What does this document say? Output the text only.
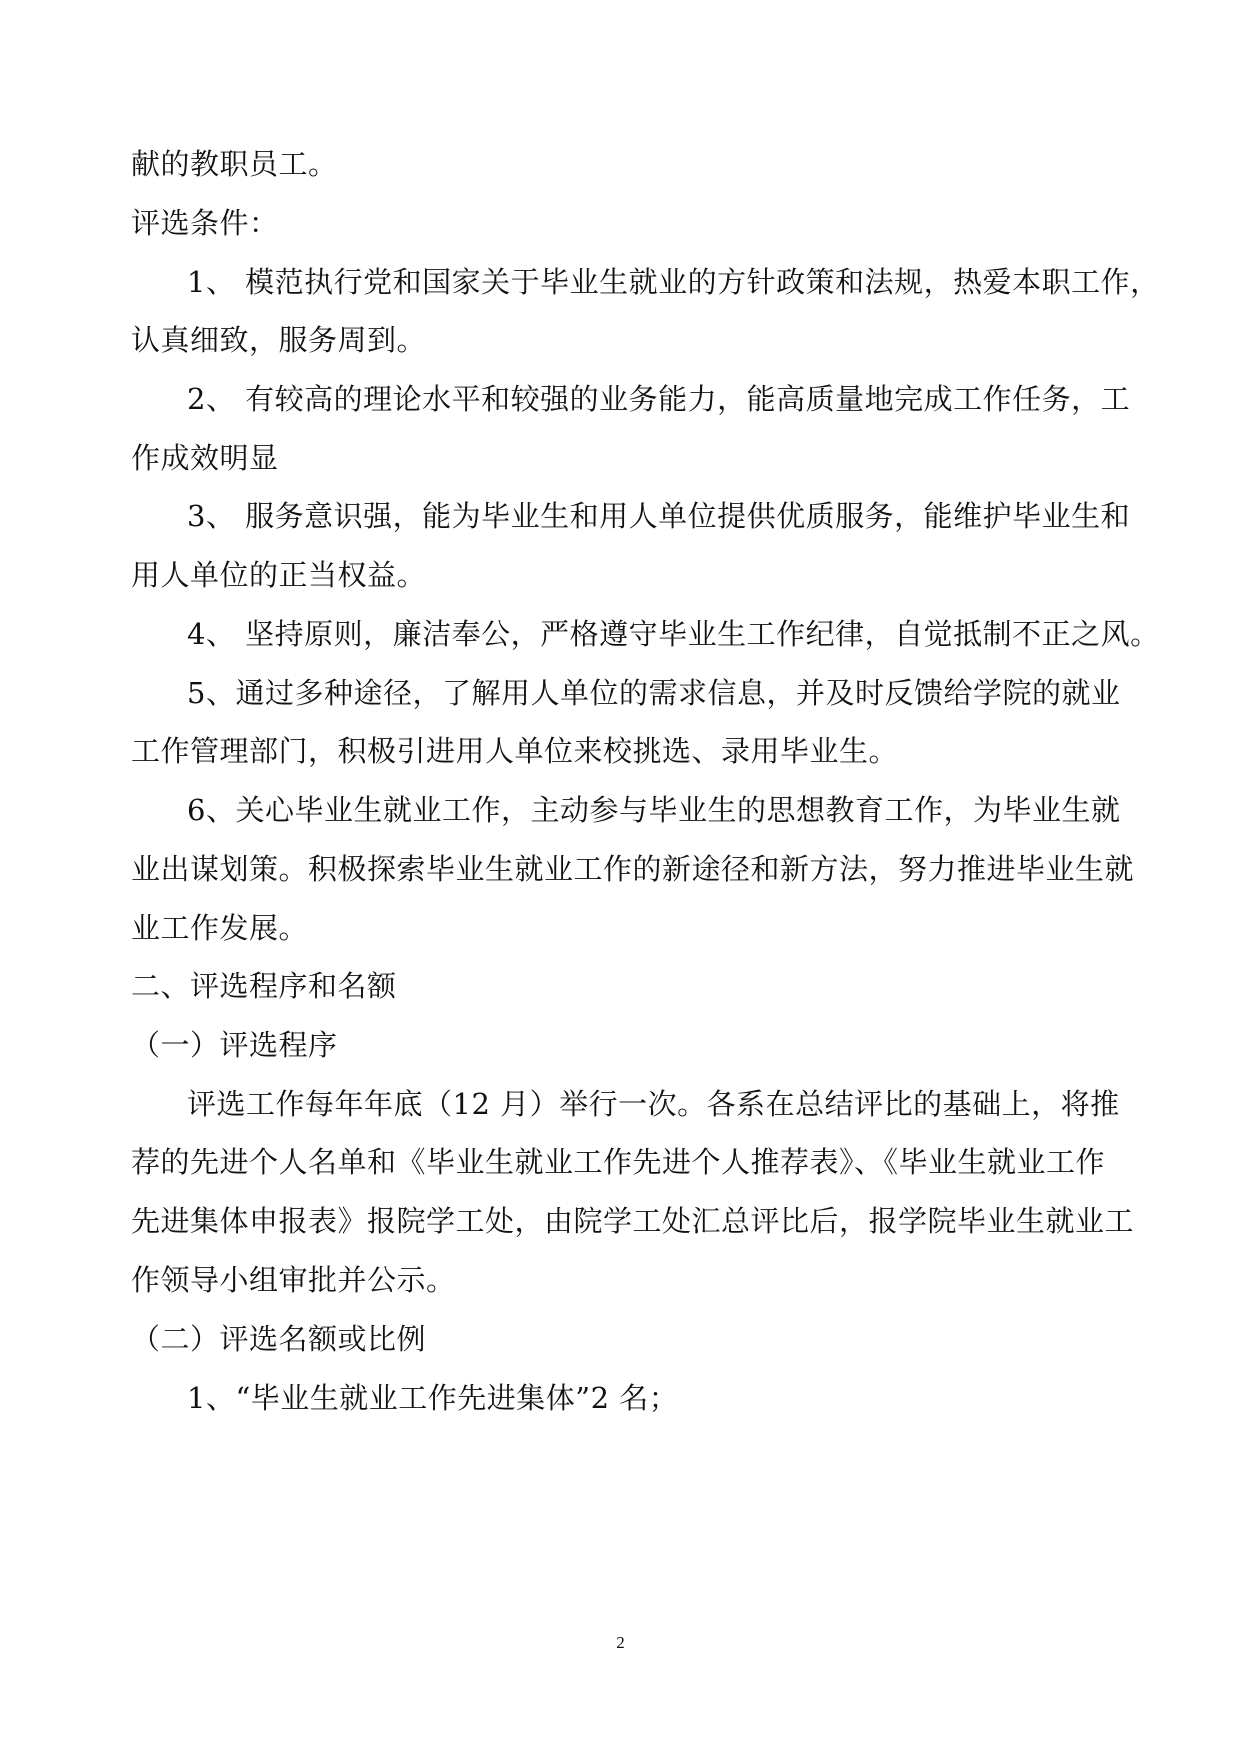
献的教职员工。
评选条件：
1、 模范执行党和国家关于毕业生就业的方针政策和法规，热爱本职工作，
认真细致，服务周到。
2、 有较高的理论水平和较强的业务能力，能高质量地完成工作任务，工
作成效明显
3、 服务意识强，能为毕业生和用人单位提供优质服务，能维护毕业生和
用人单位的正当权益。
4、 坚持原则，廉洁奉公，严格遵守毕业生工作纪律，自觉抵制不正之风。
5、通过多种途径，了解用人单位的需求信息，并及时反馈给学院的就业
工作管理部门，积极引进用人单位来校挑选、录用毕业生。
6、关心毕业生就业工作，主动参与毕业生的思想教育工作，为毕业生就
业出谋划策。积极探索毕业生就业工作的新途径和新方法，努力推进毕业生就
业工作发展。
二、评选程序和名额
（一）评选程序
评选工作每年年底（12 月）举行一次。各系在总结评比的基础上，将推
荐的先进个人名单和《毕业生就业工作先进个人推荐表》、《毕业生就业工作
先进集体申报表》报院学工处，由院学工处汇总评比后，报学院毕业生就业工
作领导小组审批并公示。
（二）评选名额或比例
1、“毕业生就业工作先进集体”2 名；
2
